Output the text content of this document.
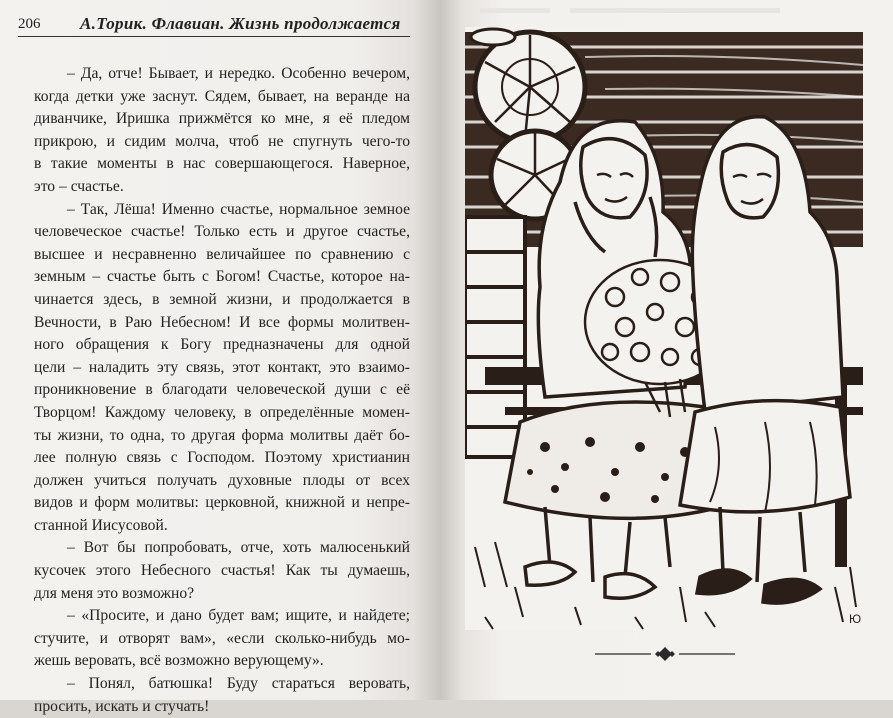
206	А.Торик. Флавиан. Жизнь продолжается
– Да, отче! Бывает, и нередко. Особенно вечером,
когда детки уже заснут. Сядем, бывает, на веранде на
диванчике, Иришка прижмётся ко мне, я её пледом
прикрою, и сидим молча, чтоб не спугнуть чего-то
в такие моменты в нас совершающегося. Наверное,
это – счастье.
– Так, Лёша! Именно счастье, нормальное земное
человеческое счастье! Только есть и другое счастье,
высшее и несравненно величайшее по сравнению с
земным – счастье быть с Богом! Счастье, которое на-
чинается здесь, в земной жизни, и продолжается в
Вечности, в Раю Небесном! И все формы молитвен-
ного обращения к Богу предназначены для одной
цели – наладить эту связь, этот контакт, это взаимо-
проникновение в благодати человеческой души с её
Творцом! Каждому человеку, в определённые момен-
ты жизни, то одна, то другая форма молитвы даёт бо-
лее полную связь с Господом. Поэтому христианин
должен учиться получать духовные плоды от всех
видов и форм молитвы: церковной, книжной и непре-
станной Иисусовой.
– Вот бы попробовать, отче, хоть малюсенький
кусочек этого Небесного счастья! Как ты думаешь,
для меня это возможно?
– «Просите, и дано будет вам; ищите, и найдете;
стучите, и отворят вам», «если сколько-нибудь мо-
жешь веровать, всё возможно верующему».
– Понял, батюшка! Буду стараться веровать,
просить, искать и стучать!
Ю
